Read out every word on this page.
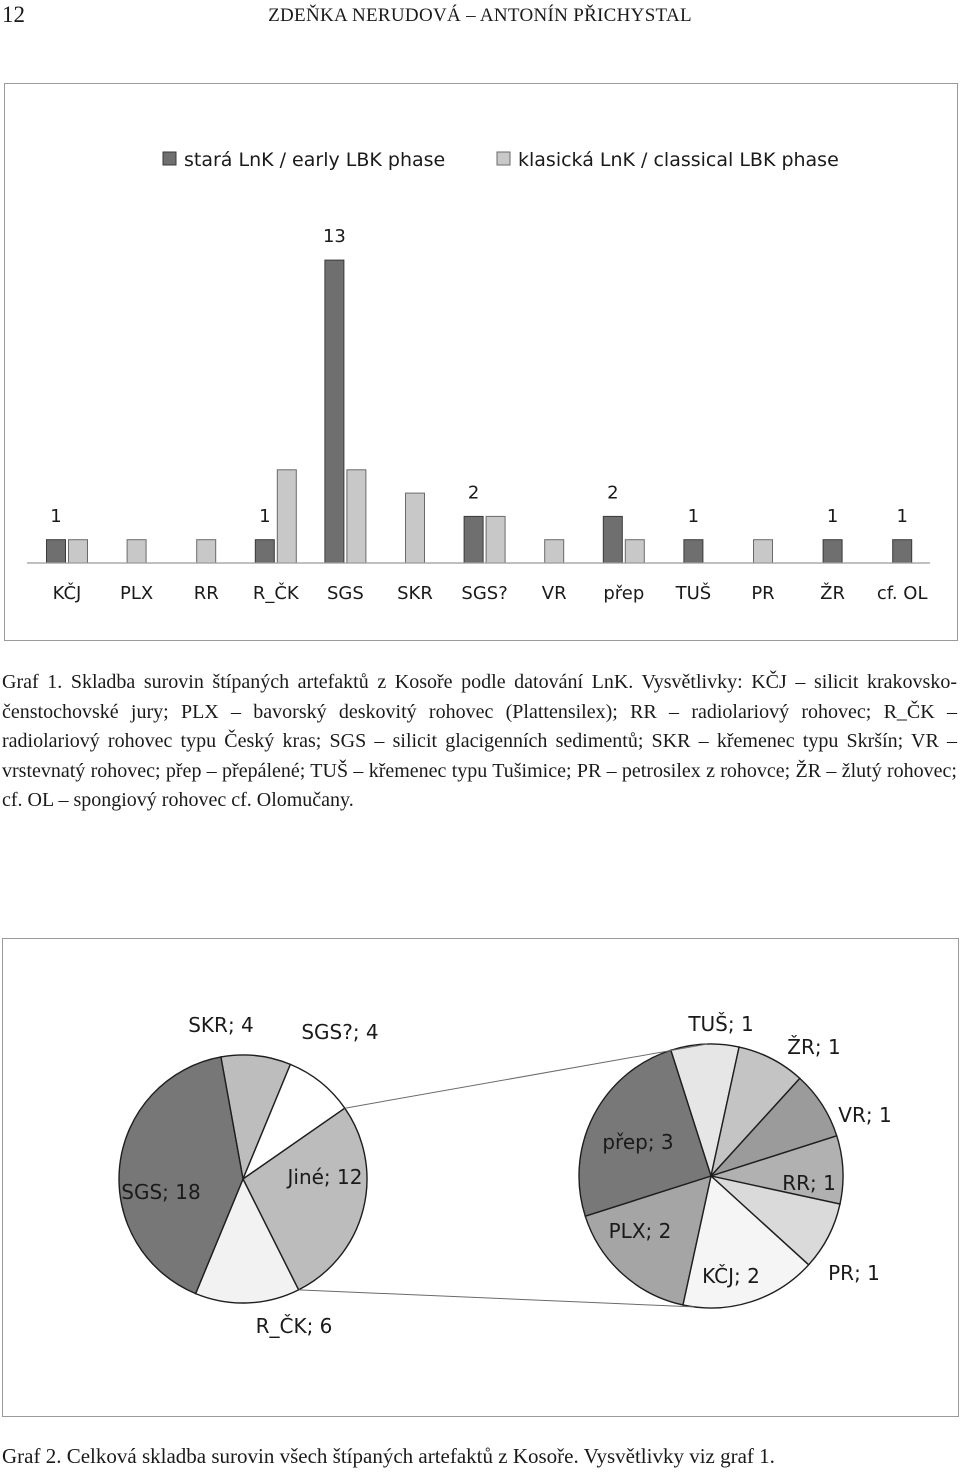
12	ZDEŇKA NERUDOVÁ – ANTONÍN PŘICHYSTAL
KČJ PLX RR R_ČK SGS SKR SGS? VR přep TUŠ PR	ŽR cf. OL
1	1
13
2	2
1	1	1
stará LnK / early LBK phase	klasická LnK / classical LBK phase
Graf 1. Skladba surovin štípaných artefaktů z Kosoře podle datování LnK. Vysvětlivky: KČJ – silicit krakovsko-čenstochovské jury; PLX – bavorský deskovitý rohovec (Plattensilex); RR – radiolariový rohovec; R_ČK – radiolariový rohovec typu Český kras; SGS – silicit glacigenních sedimentů; SKR – křemenec typu Skršín; VR – vrstevnatý rohovec; přep – přepálené; TUŠ – křemenec typu Tušimice; PR – petrosilex z rohovce; ŽR – žlutý rohovec; cf. OL – spongiový rohovec cf. Olomučany.
SKR; 4 SGS?; 4
Jiné; 12
R_ČK; 6
SGS; 18
TUŠ; 1
ŽR; 1
VR; 1
RR; 1
PR; 1
KČJ; 2
PLX; 2
přep; 3
Graf 2. Celková skladba surovin všech štípaných artefaktů z Kosoře. Vysvětlivky viz graf 1.
